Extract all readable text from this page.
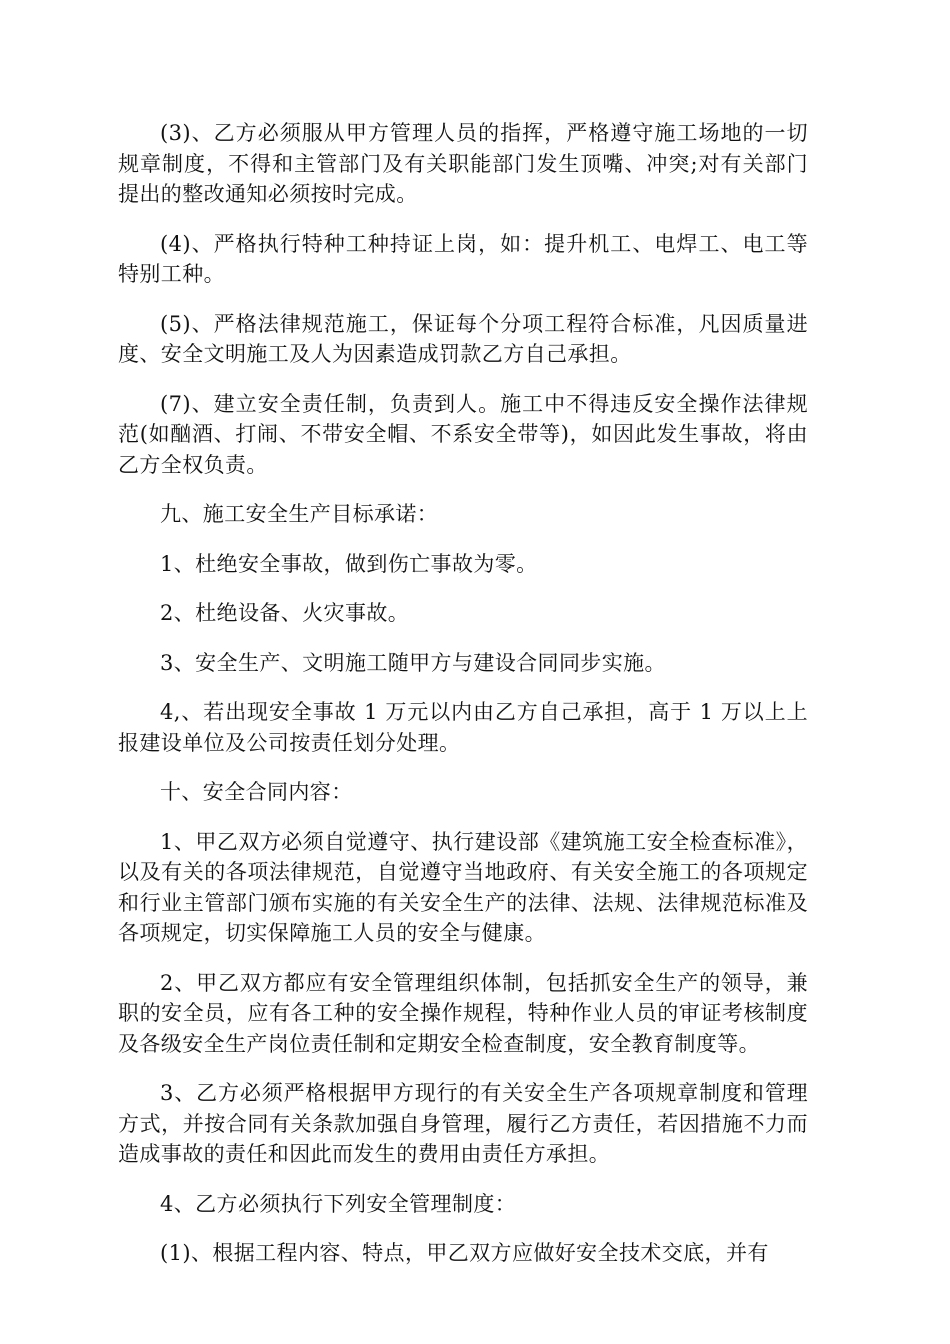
(3)、乙方必须服从甲方管理人员的指挥，严格遵守施工场地的一切规章制度，不得和主管部门及有关职能部门发生顶嘴、冲突;对有关部门提出的整改通知必须按时完成。

(4)、严格执行特种工种持证上岗，如：提升机工、电焊工、电工等特别工种。

(5)、严格法律规范施工，保证每个分项工程符合标准，凡因质量进度、安全文明施工及人为因素造成罚款乙方自己承担。

(7)、建立安全责任制，负责到人。施工中不得违反安全操作法律规范(如酗酒、打闹、不带安全帽、不系安全带等)，如因此发生事故，将由乙方全权负责。

九、施工安全生产目标承诺：

1、杜绝安全事故，做到伤亡事故为零。

2、杜绝设备、火灾事故。

3、安全生产、文明施工随甲方与建设合同同步实施。

4,、若出现安全事故 1 万元以内由乙方自己承担，高于 1 万以上上报建设单位及公司按责任划分处理。

十、安全合同内容：

1、甲乙双方必须自觉遵守、执行建设部《建筑施工安全检查标准》，以及有关的各项法律规范，自觉遵守当地政府、有关安全施工的各项规定和行业主管部门颁布实施的有关安全生产的法律、法规、法律规范标准及各项规定，切实保障施工人员的安全与健康。

2、甲乙双方都应有安全管理组织体制，包括抓安全生产的领导，兼职的安全员，应有各工种的安全操作规程，特种作业人员的审证考核制度及各级安全生产岗位责任制和定期安全检查制度，安全教育制度等。

3、乙方必须严格根据甲方现行的有关安全生产各项规章制度和管理方式，并按合同有关条款加强自身管理，履行乙方责任，若因措施不力而造成事故的责任和因此而发生的费用由责任方承担。

4、乙方必须执行下列安全管理制度：

(1)、根据工程内容、特点，甲乙双方应做好安全技术交底，并有
